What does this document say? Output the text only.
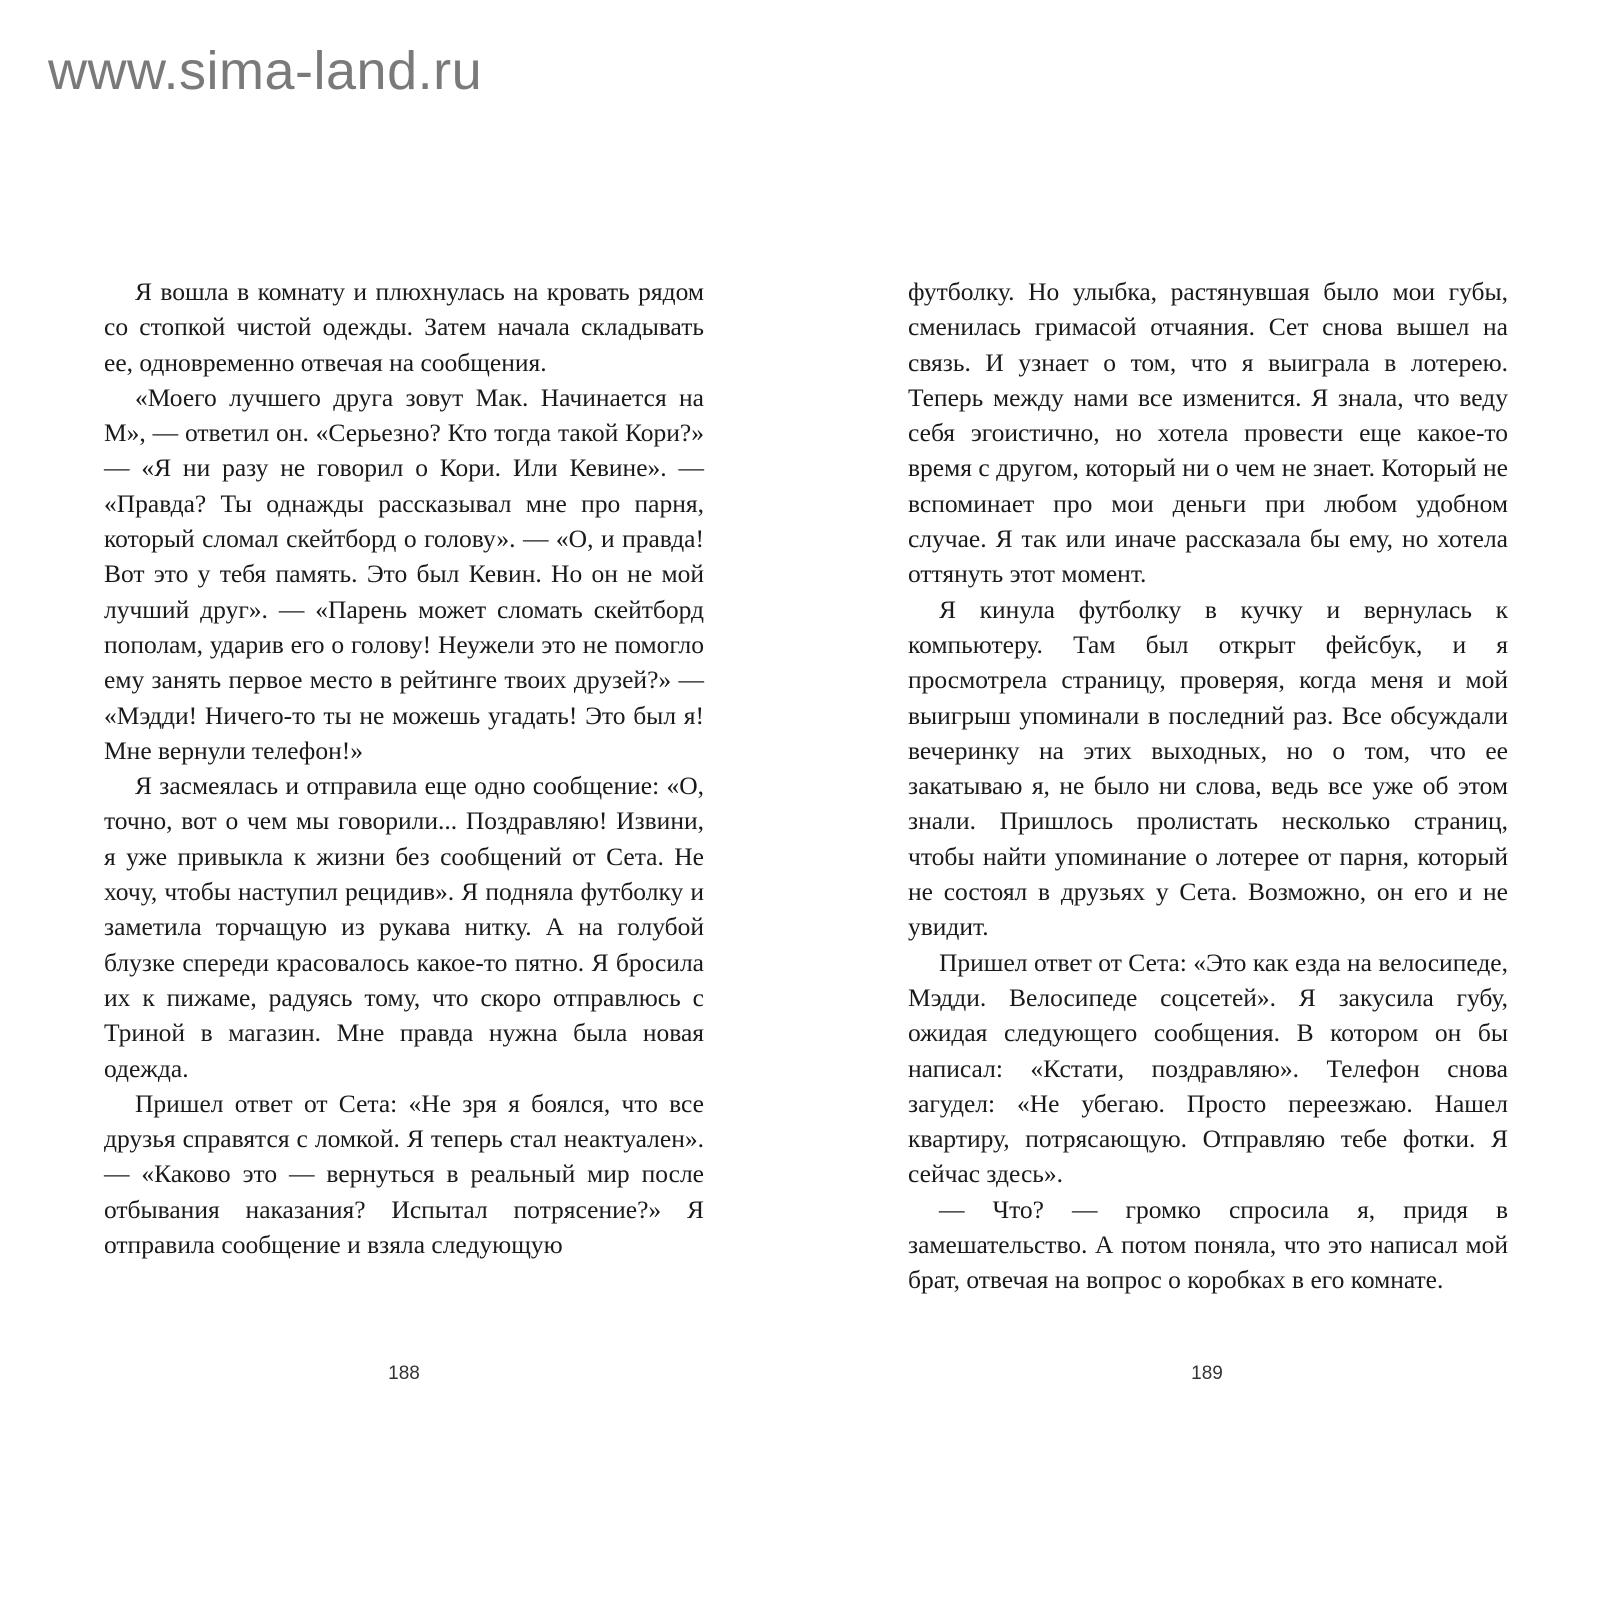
www.sima-land.ru

Я вошла в комнату и плюхнулась на кровать рядом со стопкой чистой одежды. Затем начала складывать ее, одновременно отвечая на сообщения.

«Моего лучшего друга зовут Мак. Начинается на М», — ответил он. «Серьезно? Кто тогда такой Кори?» — «Я ни разу не говорил о Кори. Или Кевине». — «Правда? Ты однажды рассказывал мне про парня, который сломал скейтборд о голову». — «О, и правда! Вот это у тебя память. Это был Кевин. Но он не мой лучший друг». — «Парень может сломать скейтборд пополам, ударив его о голову! Неужели это не помогло ему занять первое место в рейтинге твоих друзей?» — «Мэдди! Ничего-то ты не можешь угадать! Это был я! Мне вернули телефон!»

Я засмеялась и отправила еще одно сообщение: «О, точно, вот о чем мы говорили... Поздравляю! Извини, я уже привыкла к жизни без сообщений от Сета. Не хочу, чтобы наступил рецидив». Я подняла футболку и заметила торчащую из рукава нитку. А на голубой блузке спереди красовалось какое-то пятно. Я бросила их к пижаме, радуясь тому, что скоро отправлюсь с Триной в магазин. Мне правда нужна была новая одежда.

Пришел ответ от Сета: «Не зря я боялся, что все друзья справятся с ломкой. Я теперь стал неактуален». — «Каково это — вернуться в реальный мир после отбывания наказания? Испытал потрясение?» Я отправила сообщение и взяла следующую

футболку. Но улыбка, растянувшая было мои губы, сменилась гримасой отчаяния. Сет снова вышел на связь. И узнает о том, что я выиграла в лотерею. Теперь между нами все изменится. Я знала, что веду себя эгоистично, но хотела провести еще какое-то время с другом, который ни о чем не знает. Который не вспоминает про мои деньги при любом удобном случае. Я так или иначе рассказала бы ему, но хотела оттянуть этот момент.

Я кинула футболку в кучку и вернулась к компьютеру. Там был открыт фейсбук, и я просмотрела страницу, проверяя, когда меня и мой выигрыш упоминали в последний раз. Все обсуждали вечеринку на этих выходных, но о том, что ее закатываю я, не было ни слова, ведь все уже об этом знали. Пришлось пролистать несколько страниц, чтобы найти упоминание о лотерее от парня, который не состоял в друзьях у Сета. Возможно, он его и не увидит.

Пришел ответ от Сета: «Это как езда на велосипеде, Мэдди. Велосипеде соцсетей». Я закусила губу, ожидая следующего сообщения. В котором он бы написал: «Кстати, поздравляю». Телефон снова загудел: «Не убегаю. Просто переезжаю. Нашел квартиру, потрясающую. Отправляю тебе фотки. Я сейчас здесь».

— Что? — громко спросила я, придя в замешательство. А потом поняла, что это написал мой брат, отвечая на вопрос о коробках в его комнате.

188	189
